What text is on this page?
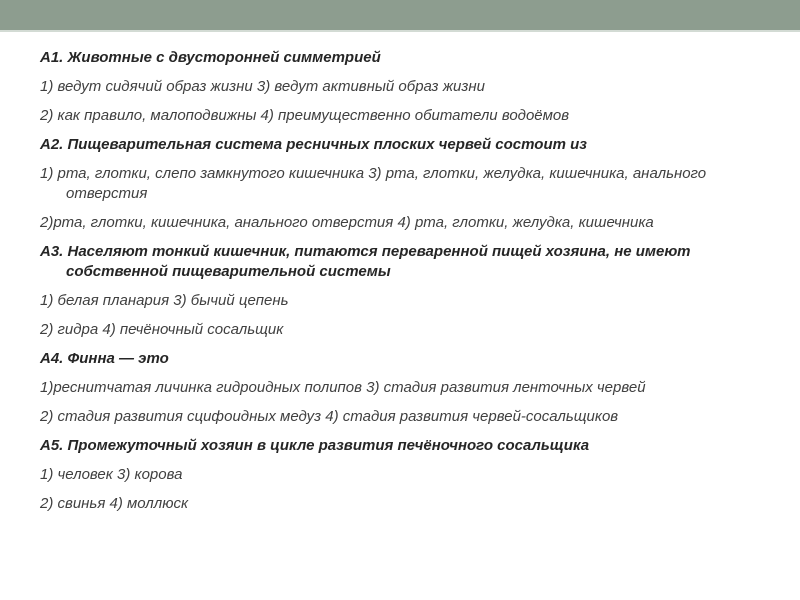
А1. Животные с двусторонней симметрией
1) ведут сидячий образ жизни 3) ведут активный образ жизни
2) как правило, малоподвижны 4) преимущественно обитатели водоёмов
А2. Пищеварительная система ресничных плоских червей состоит из
1) рта, глотки, слепо замкнутого кишечника 3) рта, глотки, желудка, кишечника, анального отверстия
2)рта, глотки, кишечника, анального отверстия 4) рта, глотки, желудка, кишечника
А3. Населяют тонкий кишечник, питаются переваренной пищей хозяина, не имеют собственной пищеварительной системы
1) белая планария 3) бычий цепень
2) гидра 4) печёночный сосальщик
А4. Финна — это
1)реснитчатая личинка гидроидных полипов 3) стадия развития ленточных червей
2) стадия развития сцифоидных медуз 4) стадия развития червей-сосальщиков
А5. Промежуточный хозяин в цикле развития печёночного сосальщика
1) человек 3) корова
2) свинья 4) моллюск
